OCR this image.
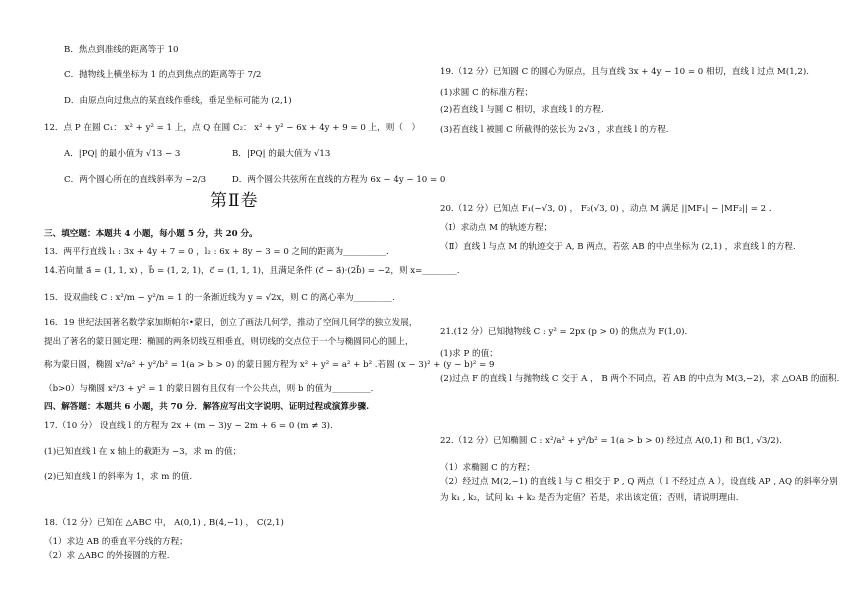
B．焦点到准线的距离等于 10
C．抛物线上横坐标为 1 的点到焦点的距离等于 7/2
D．由原点向过焦点的某直线作垂线，垂足坐标可能为 (2,1)
12．点 P 在圆 C₁： x² + y² = 1 上，点 Q 在圆 C₂： x² + y² − 6x + 4y + 9 = 0 上，则（　）
A．|PQ| 的最小值为 √13 − 3　　　　　　B．|PQ| 的最大值为 √13
C．两个圆心所在的直线斜率为 −2/3　　　D．两个圆公共弦所在直线的方程为 6x − 4y − 10 = 0
第Ⅱ卷
三、填空题：本题共 4 小题，每小题 5 分，共 20 分。
13．两平行直线 l₁ : 3x + 4y + 7 = 0 ，l₂ : 6x + 8y − 3 = 0 之间的距离为__________.
14.若向量 a⃗ = (1, 1, x) ，b⃗ = (1, 2, 1)，c⃗ = (1, 1, 1)，且满足条件 (c⃗ − a⃗)·(2b⃗) = −2，则 x=________.
15．设双曲线 C : x²/m − y²/n = 1 的一条渐近线为 y = √2x，则 C 的离心率为_________.
16．19 世纪法国著名数学家加斯帕尔•蒙日，创立了画法几何学，推动了空间几何学的独立发展，
提出了著名的蒙日圆定理：椭圆的两条切线互相垂直，则切线的交点位于一个与椭圆同心的圆上，
称为蒙日圆，椭圆 x²/a² + y²/b² = 1(a > b > 0) 的蒙日圆方程为 x² + y² = a² + b² .若圆 (x − 3)² + (y − b)² = 9
（b>0）与椭圆 x²/3 + y² = 1 的蒙日圆有且仅有一个公共点，则 b 的值为_________.
四、解答题：本题共 6 小题，共 70 分．解答应写出文字说明、证明过程或演算步骤.
17.（10 分） 设直线 l 的方程为 2x + (m − 3)y − 2m + 6 = 0 (m ≠ 3).
(1)已知直线 l 在 x 轴上的截距为 −3，求 m 的值；
(2)已知直线 l 的斜率为 1，求 m 的值.
18.（12 分）已知在 △ABC 中， A(0,1) , B(4,−1) ， C(2,1)
（1）求边 AB 的垂直平分线的方程；
（2）求 △ABC 的外接圆的方程.
19.（12 分）已知圆 C 的圆心为原点，且与直线 3x + 4y − 10 = 0 相切，直线 l 过点 M(1,2).
(1)求圆 C 的标准方程；
(2)若直线 l 与圆 C 相切，求直线 l 的方程.
(3)若直线 l 被圆 C 所截得的弦长为 2√3 ，求直线 l 的方程.
20.（12 分）已知点 F₁(−√3, 0) ， F₂(√3, 0) ，动点 M 满足 ||MF₁| − |MF₂|| = 2 .
（Ⅰ）求动点 M 的轨迹方程；
（Ⅱ）直线 l 与点 M 的轨迹交于 A, B 两点，若弦 AB 的中点坐标为 (2,1) ，求直线 l 的方程.
21.(12 分）已知抛物线 C : y² = 2px (p > 0) 的焦点为 F(1,0).
(1)求 P 的值；
(2)过点 F 的直线 l 与抛物线 C 交于 A ， B 两个不同点，若 AB 的中点为 M(3,−2)，求 △OAB 的面积.
22.（12 分）已知椭圆 C : x²/a² + y²/b² = 1(a > b > 0) 经过点 A(0,1) 和 B(1, √3/2).
（1）求椭圆 C 的方程；
（2）经过点 M(2,−1) 的直线 l 与 C 相交于 P , Q 两点（ l 不经过点 A ），设直线 AP , AQ 的斜率分别
为 k₁ , k₂，试问 k₁ + k₂ 是否为定值？若是，求出该定值；否则，请说明理由.
